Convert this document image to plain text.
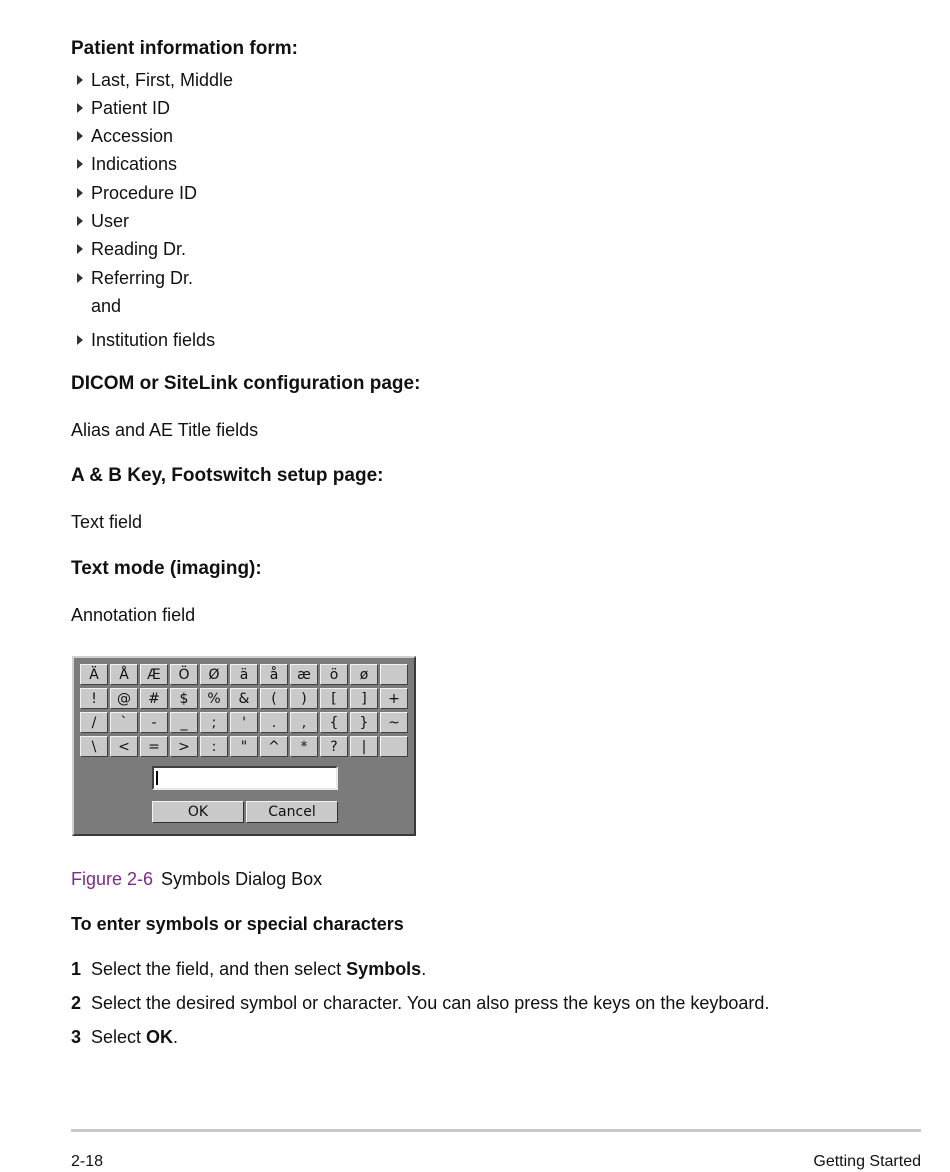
Patient information form:

Last, First, Middle
Patient ID
Accession
Indications
Procedure ID
User
Reading Dr.
Referring Dr.
Institution fields
and

DICOM or SiteLink configuration page:

Alias and AE Title fields

A & B Key, Footswitch setup page:

Text field

Text mode (imaging):

Annotation field

Ä	Å	Æ	Ö	Ø	ä	å	æ	ö	ø
!	@	#	$	%	&	(	)	[	]	+
/	`	-	_	;	'	.	,	{	}	~
\	<	=	>	:	"	^	*	?	|
OK	Cancel

Figure 2-6 Symbols Dialog Box

To enter symbols or special characters

1 Select the field, and then select Symbols.
2 Select the desired symbol or character. You can also press the keys on the keyboard.
3 Select OK.
2-18	Getting Started
